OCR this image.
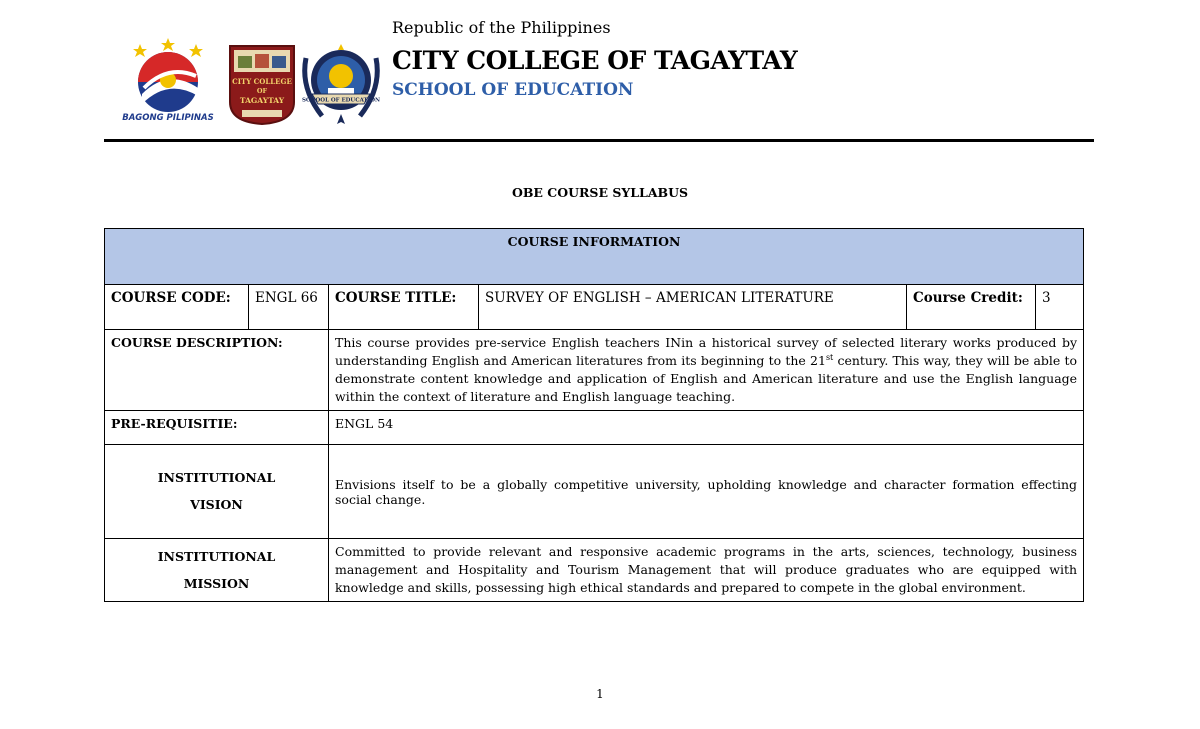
BAGONG PILIPINAS
CITY COLLEGE
OF
TAGAYTAY	SCHOOL OF EDUCATION
Republic of the Philippines
CITY COLLEGE OF TAGAYTAY
SCHOOL OF EDUCATION
OBE COURSE SYLLABUS
COURSE INFORMATION					
COURSE CODE:	ENGL 66	COURSE TITLE:	SURVEY OF ENGLISH – AMERICAN LITERATURE	Course Credit:	3
COURSE DESCRIPTION:		This course provides pre-service English teachers INin a historical survey of selected literary works produced by understanding English and American literatures from its beginning to the 21st century. This way, they will be able to demonstrate content knowledge and application of English and American literature and use the English language within the context of literature and English language teaching.			
PRE-REQUISITIE:		ENGL 54			

INSTITUTIONAL
VISION		Envisions itself to be a globally competitive university, upholding knowledge and character formation effecting social change.			

INSTITUTIONAL
MISSION		Committed to provide relevant and responsive academic programs in the arts, sciences, technology, business management and Hospitality and Tourism Management that will produce graduates who are equipped with knowledge and skills, possessing high ethical standards and prepared to compete in the global environment.			
1
